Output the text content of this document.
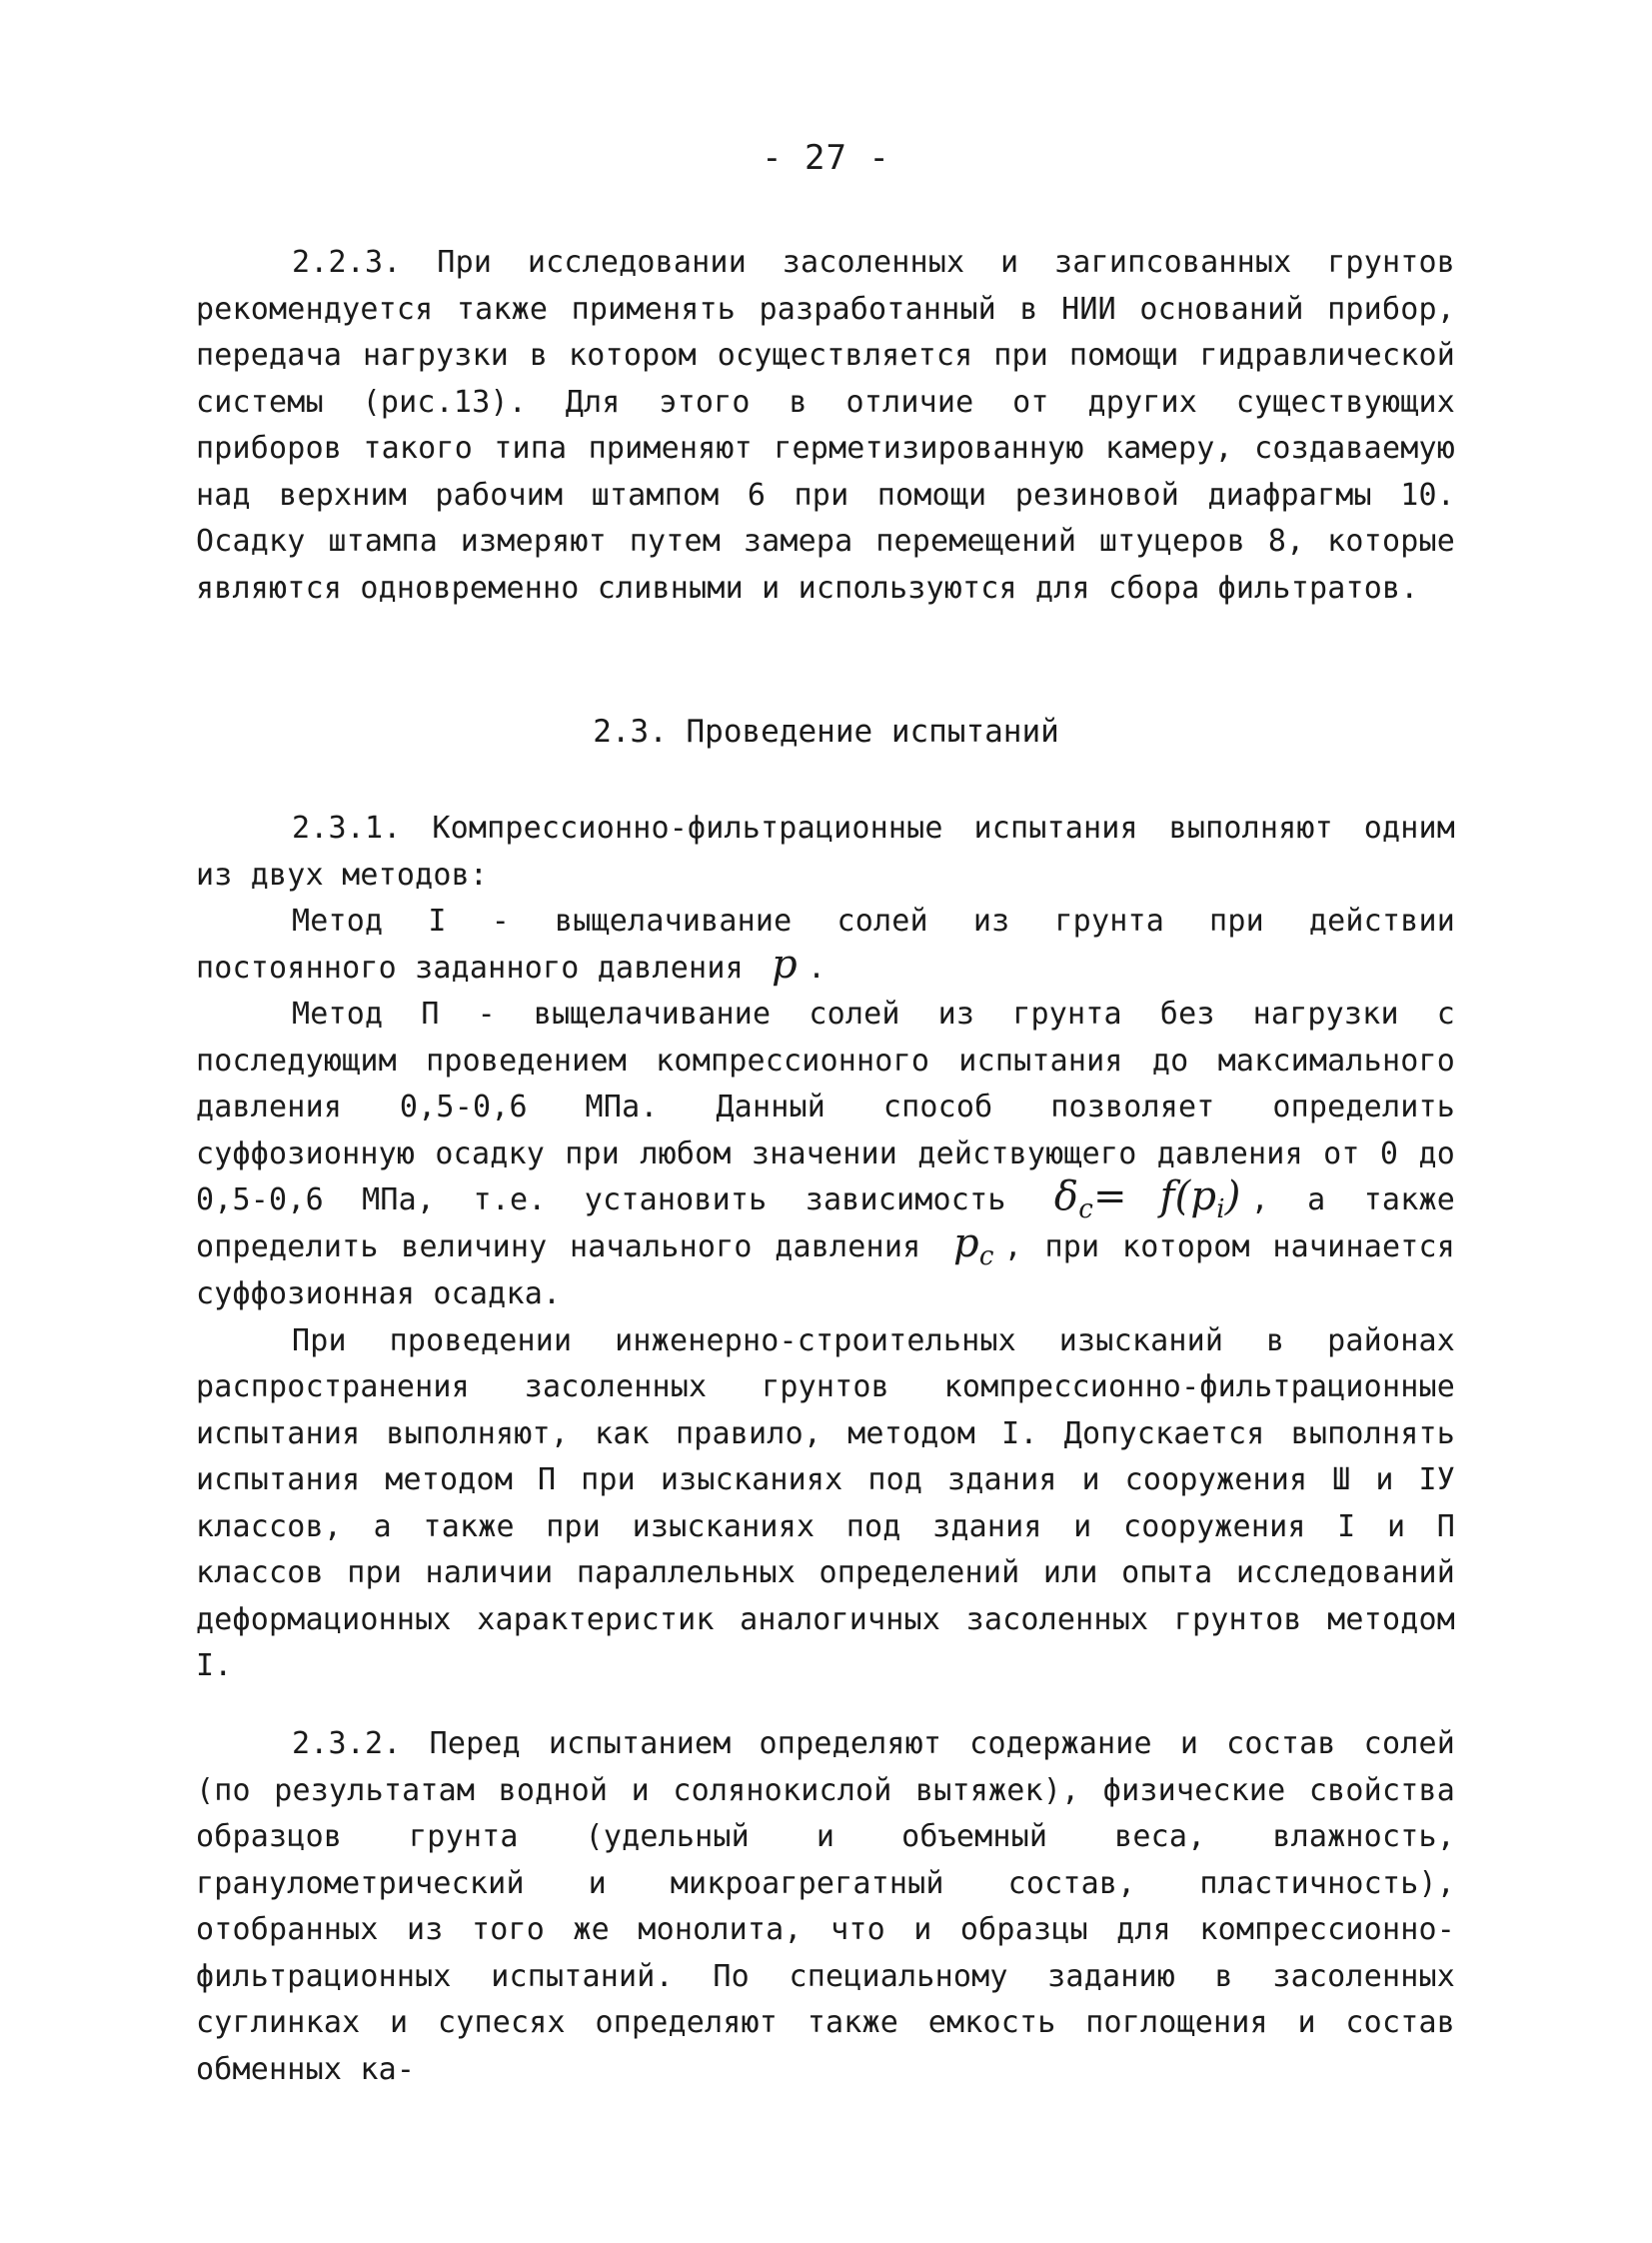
- 27 -

2.2.3. При исследовании засоленных и загипсованных грунтов рекомендуется также применять разработанный в НИИ оснований прибор, передача нагрузки в котором осуществляется при помощи гидравлической системы (рис.13). Для этого в отличие от других существующих приборов такого типа применяют герметизированную камеру, создаваемую над верхним рабочим штампом 6 при помощи резиновой диафрагмы 10. Осадку штампа измеряют путем замера перемещений штуцеров 8, которые являются одновременно сливными и используются для сбора фильтратов.

2.3. Проведение испытаний

2.3.1. Компрессионно-фильтрационные испытания выполняют одним из двух методов:

Метод I - выщелачивание солей из грунта при действии постоянного заданного давления p .

Метод П - выщелачивание солей из грунта без нагрузки с последующим проведением компрессионного испытания до максимального давления 0,5-0,6 МПа. Данный способ позволяет определить суффозионную осадку при любом значении действующего давления от 0 до 0,5-0,6 МПа, т.е. установить зависимость $\delta_c= f(p_i)$ , а также определить величину начального давления $p_c$ , при котором начинается суффозионная осадка.

При проведении инженерно-строительных изысканий в районах распространения засоленных грунтов компрессионно-фильтрационные испытания выполняют, как правило, методом I. Допускается выполнять испытания методом П при изысканиях под здания и сооружения Ш и IУ классов, а также при изысканиях под здания и сооружения I и П классов при наличии параллельных определений или опыта исследований деформационных характеристик аналогичных засоленных грунтов методом I.

2.3.2. Перед испытанием определяют содержание и состав солей (по результатам водной и солянокислой вытяжек), физические свойства образцов грунта (удельный и объемный веса, влажность, гранулометрический и микроагрегатный состав, пластичность), отобранных из того же монолита, что и образцы для компрессионно-фильтрационных испытаний. По специальному заданию в засоленных суглинках и супесях определяют также емкость поглощения и состав обменных ка-
